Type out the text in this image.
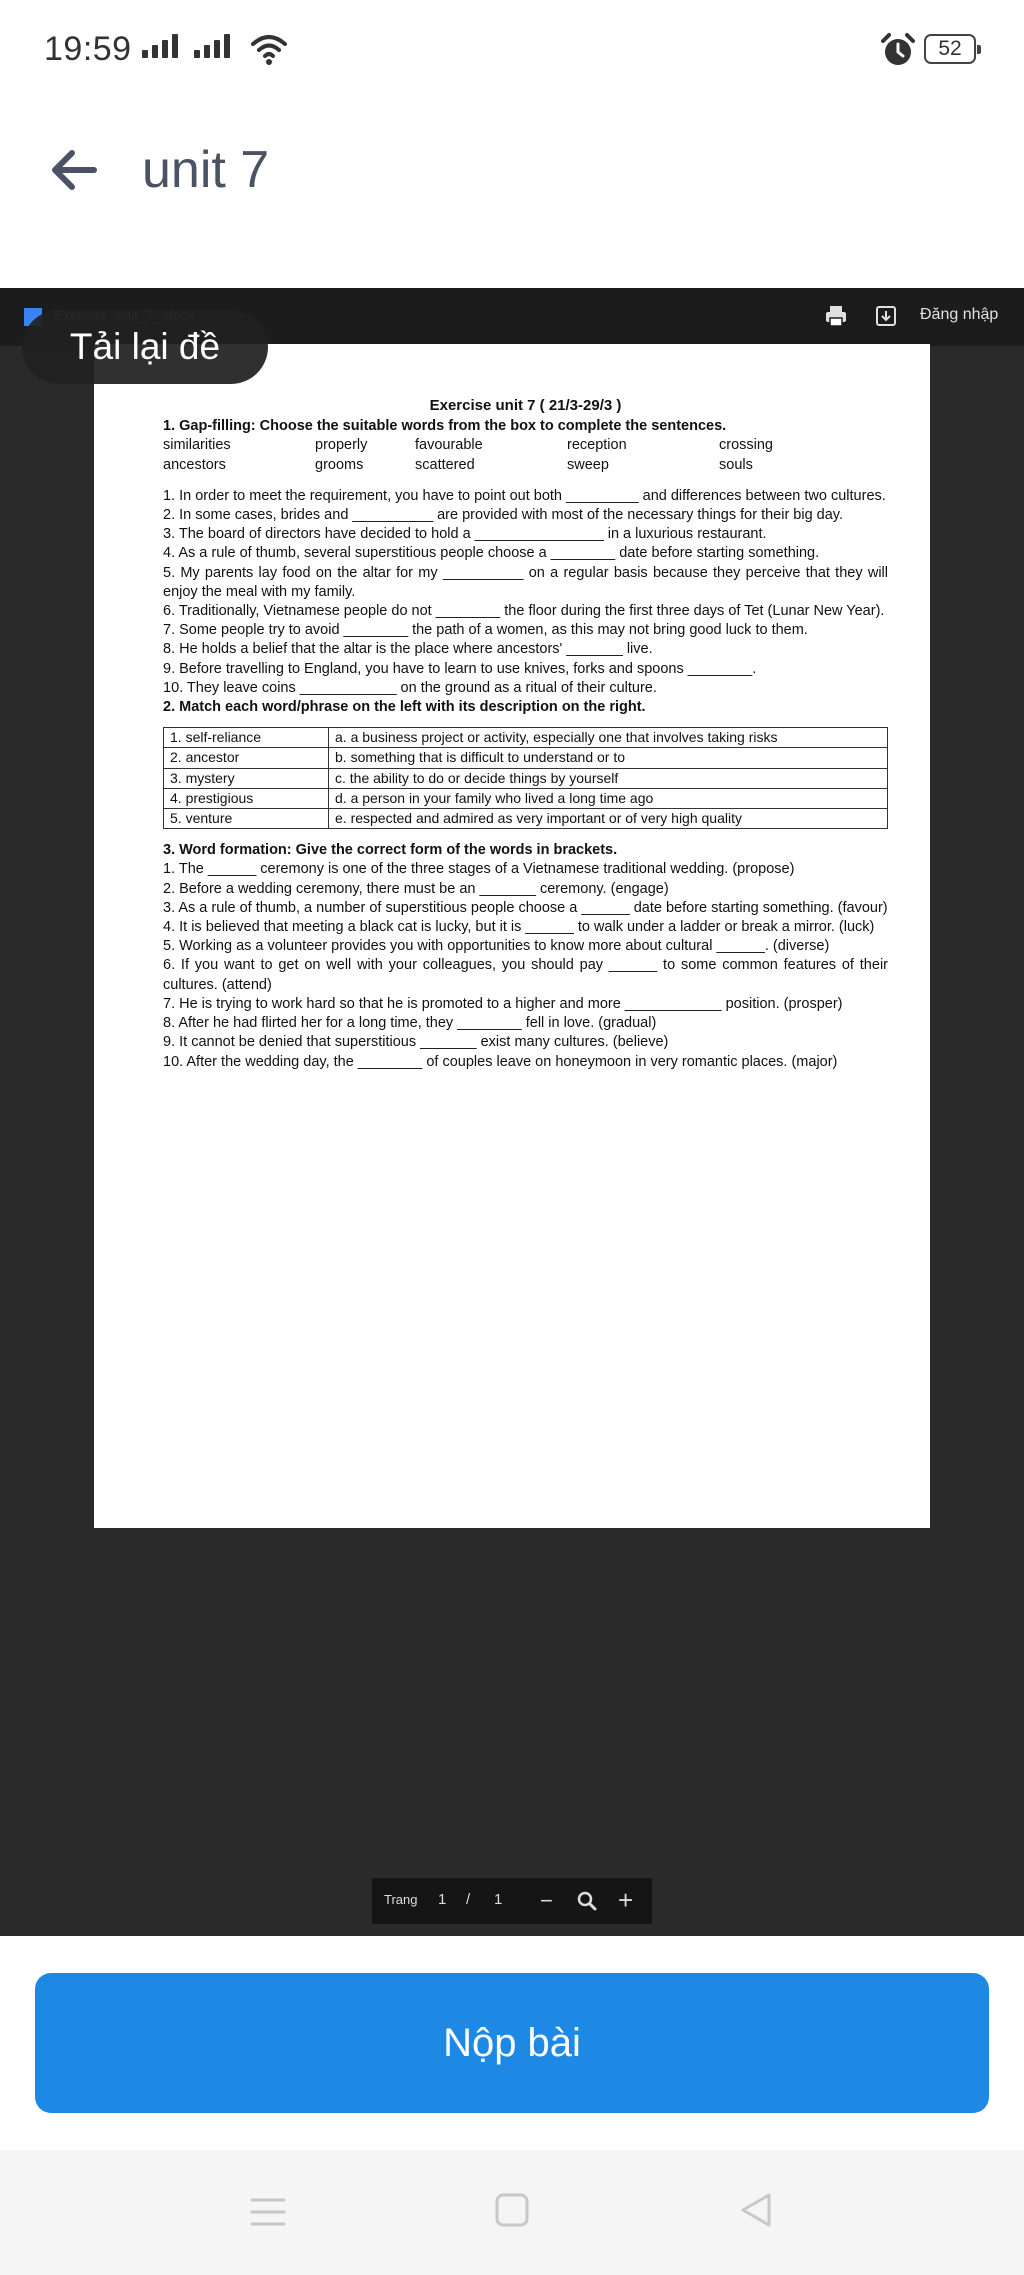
19:59	52
unit 7
Đăng nhập
Exercise unit 7 ( 21/3-29/3 )
1. Gap-filling: Choose the suitable words from the box to complete the sentences.
similarities	properly	favourable	reception	crossing
ancestors	grooms	scattered	sweep	souls
1. In order to meet the requirement, you have to point out both _________ and differences between two cultures.
2. In some cases, brides and __________ are provided with most of the necessary things for their big day.
3. The board of directors have decided to hold a ________________ in a luxurious restaurant.
4. As a rule of thumb, several superstitious people choose a ________ date before starting something.
5. My parents lay food on the altar for my __________ on a regular basis because they perceive that they will enjoy the meal with my family.
6. Traditionally, Vietnamese people do not ________ the floor during the first three days of Tet (Lunar New Year).
7. Some people try to avoid ________ the path of a women, as this may not bring good luck to them.
8. He holds a belief that the altar is the place where ancestors' _______ live.
9. Before travelling to England, you have to learn to use knives, forks and spoons ________.
10. They leave coins ____________ on the ground as a ritual of their culture.
2. Match each word/phrase on the left with its description on the right.
1. self-reliance	a. a business project or activity, especially one that involves taking risks
2. ancestor	b. something that is difficult to understand or to
3. mystery	c. the ability to do or decide things by yourself
4. prestigious	d. a person in your family who lived a long time ago
5. venture	e. respected and admired as very important or of very high quality
3. Word formation: Give the correct form of the words in brackets.
1. The ______ ceremony is one of the three stages of a Vietnamese traditional wedding. (propose)
2. Before a wedding ceremony, there must be an _______ ceremony. (engage)
3. As a rule of thumb, a number of superstitious people choose a ______ date before starting something. (favour)
4. It is believed that meeting a black cat is lucky, but it is ______ to walk under a ladder or break a mirror. (luck)
5. Working as a volunteer provides you with opportunities to know more about cultural ______. (diverse)
6. If you want to get on well with your colleagues, you should pay ______ to some common features of their cultures. (attend)
7. He is trying to work hard so that he is promoted to a higher and more ____________ position. (prosper)
8. After he had flirted her for a long time, they ________ fell in love. (gradual)
9. It cannot be denied that superstitious _______ exist many cultures. (believe)
10. After the wedding day, the ________ of couples leave on honeymoon in very romantic places. (major)
Tải lại đề
Trang 1 / 1 −	+
Nộp bài
